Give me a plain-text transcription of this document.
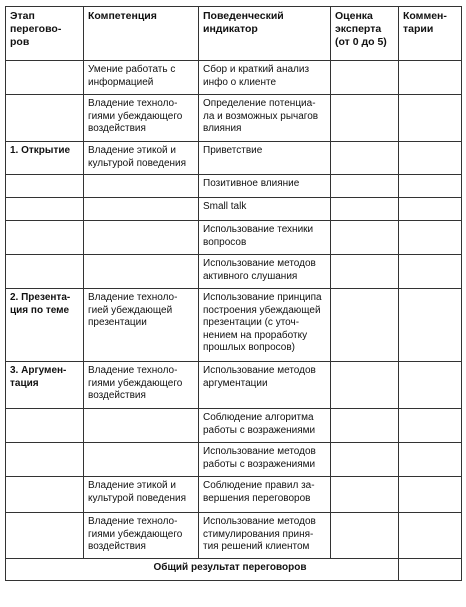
Этап
перегово-
ров	Компетенция	Поведенческий
индикатор	Оценка
эксперта
(от 0 до 5)	Коммен-
тарии
	Умение работать с
информацией	Сбор и краткий анализ
инфо о клиенте		
	Владение техноло-
гиями убеждающего
воздействия	Определение потенциа-
ла и возможных рычагов
влияния		
1. Открытие	Владение этикой и
культурой поведения	Приветствие		
		Позитивное влияние		
		Small talk		
		Использование техники
вопросов		
		Использование методов
активного слушания		
2. Презента-
ция по теме	Владение техноло-
гией убеждающей
презентации	Использование принципа
построения убеждающей
презентации (с уточ-
нением на проработку
прошлых вопросов)		
3. Аргумен-
тация	Владение техноло-
гиями убеждающего
воздействия	Использование методов
аргументации		
		Соблюдение алгоритма
работы с возражениями		
		Использование методов
работы с возражениями		
	Владение этикой и
культурой поведения	Соблюдение правил за-
вершения переговоров		
	Владение техноло-
гиями убеждающего
воздействия	Использование методов
стимулирования приня-
тия решений клиентом		
Общий результат переговоров				
